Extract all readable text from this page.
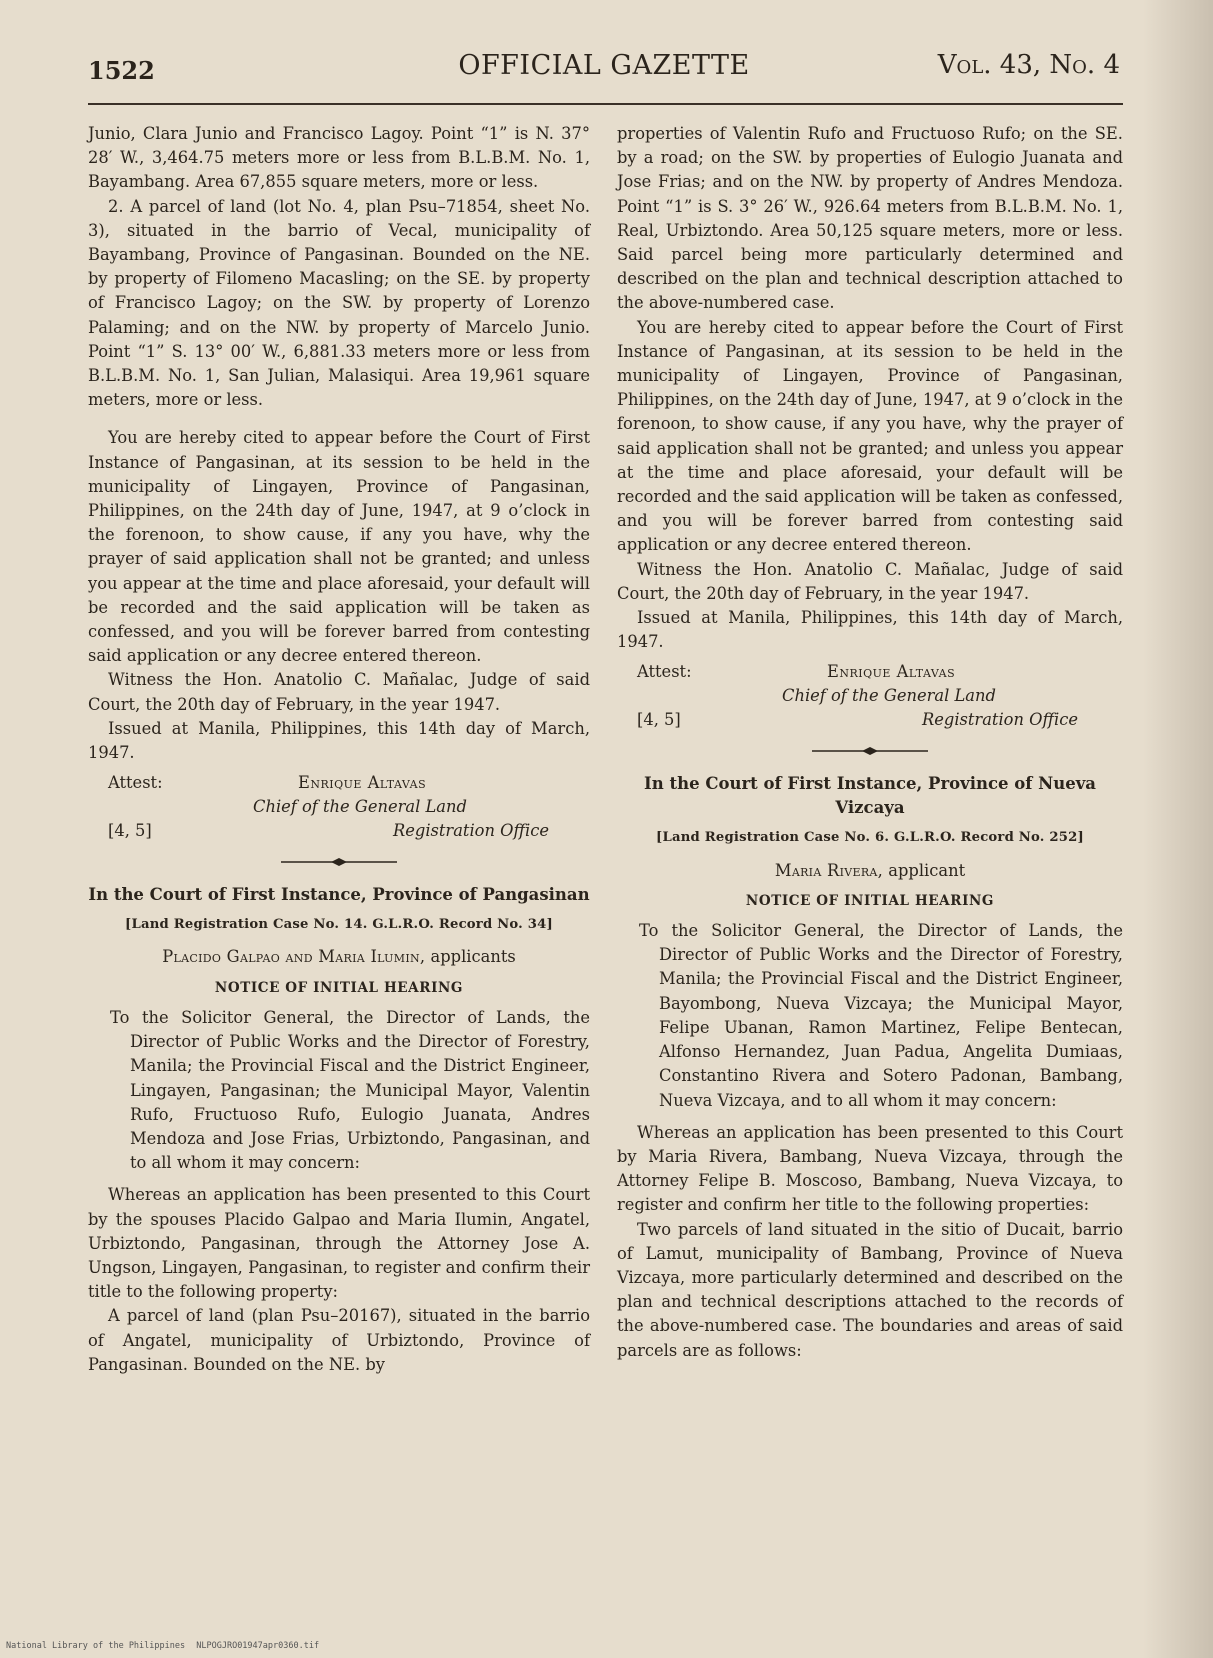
1522	OFFICIAL GAZETTE	Vol. 43, No. 4

Junio, Clara Junio and Francisco Lagoy. Point “1” is N. 37° 28′ W., 3,464.75 meters more or less from B.L.B.M. No. 1, Bayambang. Area 67,855 square meters, more or less.

2. A parcel of land (lot No. 4, plan Psu–71854, sheet No. 3), situated in the barrio of Vecal, municipality of Bayambang, Province of Pangasinan. Bounded on the NE. by property of Filomeno Macasling; on the SE. by property of Francisco Lagoy; on the SW. by property of Lorenzo Palaming; and on the NW. by property of Marcelo Junio. Point “1” S. 13° 00′ W., 6,881.33 meters more or less from B.L.B.M. No. 1, San Julian, Malasiqui. Area 19,961 square meters, more or less.

You are hereby cited to appear before the Court of First Instance of Pangasinan, at its session to be held in the municipality of Lingayen, Province of Pangasinan, Philippines, on the 24th day of June, 1947, at 9 o’clock in the forenoon, to show cause, if any you have, why the prayer of said application shall not be granted; and unless you appear at the time and place aforesaid, your default will be recorded and the said application will be taken as confessed, and you will be forever barred from contesting said application or any decree entered thereon.

Witness the Hon. Anatolio C. Mañalac, Judge of said Court, the 20th day of February, in the year 1947.

Issued at Manila, Philippines, this 14th day of March, 1947.

Attest:	Enrique Altavas
Chief of the General Land
[4, 5]	Registration Office
In the Court of First Instance, Province of Pangasinan
[Land Registration Case No. 14. G.L.R.O. Record No. 34]
Placido Galpao and Maria Ilumin, applicants
NOTICE OF INITIAL HEARING

To the Solicitor General, the Director of Lands, the Director of Public Works and the Director of Forestry, Manila; the Provincial Fiscal and the District Engineer, Lingayen, Pangasinan; the Municipal Mayor, Valentin Rufo, Fructuoso Rufo, Eulogio Juanata, Andres Mendoza and Jose Frias, Urbiztondo, Pangasinan, and to all whom it may concern:

Whereas an application has been presented to this Court by the spouses Placido Galpao and Maria Ilumin, Angatel, Urbiztondo, Pangasinan, through the Attorney Jose A. Ungson, Lingayen, Pangasinan, to register and confirm their title to the following property:

A parcel of land (plan Psu–20167), situated in the barrio of Angatel, municipality of Urbiztondo, Province of Pangasinan. Bounded on the NE. by

properties of Valentin Rufo and Fructuoso Rufo; on the SE. by a road; on the SW. by properties of Eulogio Juanata and Jose Frias; and on the NW. by property of Andres Mendoza. Point “1” is S. 3° 26′ W., 926.64 meters from B.L.B.M. No. 1, Real, Urbiztondo. Area 50,125 square meters, more or less. Said parcel being more particularly determined and described on the plan and technical description attached to the above-numbered case.

You are hereby cited to appear before the Court of First Instance of Pangasinan, at its session to be held in the municipality of Lingayen, Province of Pangasinan, Philippines, on the 24th day of June, 1947, at 9 o’clock in the forenoon, to show cause, if any you have, why the prayer of said application shall not be granted; and unless you appear at the time and place aforesaid, your default will be recorded and the said application will be taken as confessed, and you will be forever barred from contesting said application or any decree entered thereon.

Witness the Hon. Anatolio C. Mañalac, Judge of said Court, the 20th day of February, in the year 1947.

Issued at Manila, Philippines, this 14th day of March, 1947.

Attest:	Enrique Altavas
Chief of the General Land
[4, 5]	Registration Office
In the Court of First Instance, Province of Nueva Vizcaya
[Land Registration Case No. 6. G.L.R.O. Record No. 252]
Maria Rivera, applicant
NOTICE OF INITIAL HEARING

To the Solicitor General, the Director of Lands, the Director of Public Works and the Director of Forestry, Manila; the Provincial Fiscal and the District Engineer, Bayombong, Nueva Vizcaya; the Municipal Mayor, Felipe Ubanan, Ramon Martinez, Felipe Bentecan, Alfonso Hernandez, Juan Padua, Angelita Dumiaas, Constantino Rivera and Sotero Padonan, Bambang, Nueva Vizcaya, and to all whom it may concern:

Whereas an application has been presented to this Court by Maria Rivera, Bambang, Nueva Vizcaya, through the Attorney Felipe B. Moscoso, Bambang, Nueva Vizcaya, to register and confirm her title to the following properties:

Two parcels of land situated in the sitio of Ducait, barrio of Lamut, municipality of Bambang, Province of Nueva Vizcaya, more particularly determined and described on the plan and technical descriptions attached to the records of the above-numbered case. The boundaries and areas of said parcels are as follows:

National Library of the Philippines NLPOGJRO01947apr0360.tif
